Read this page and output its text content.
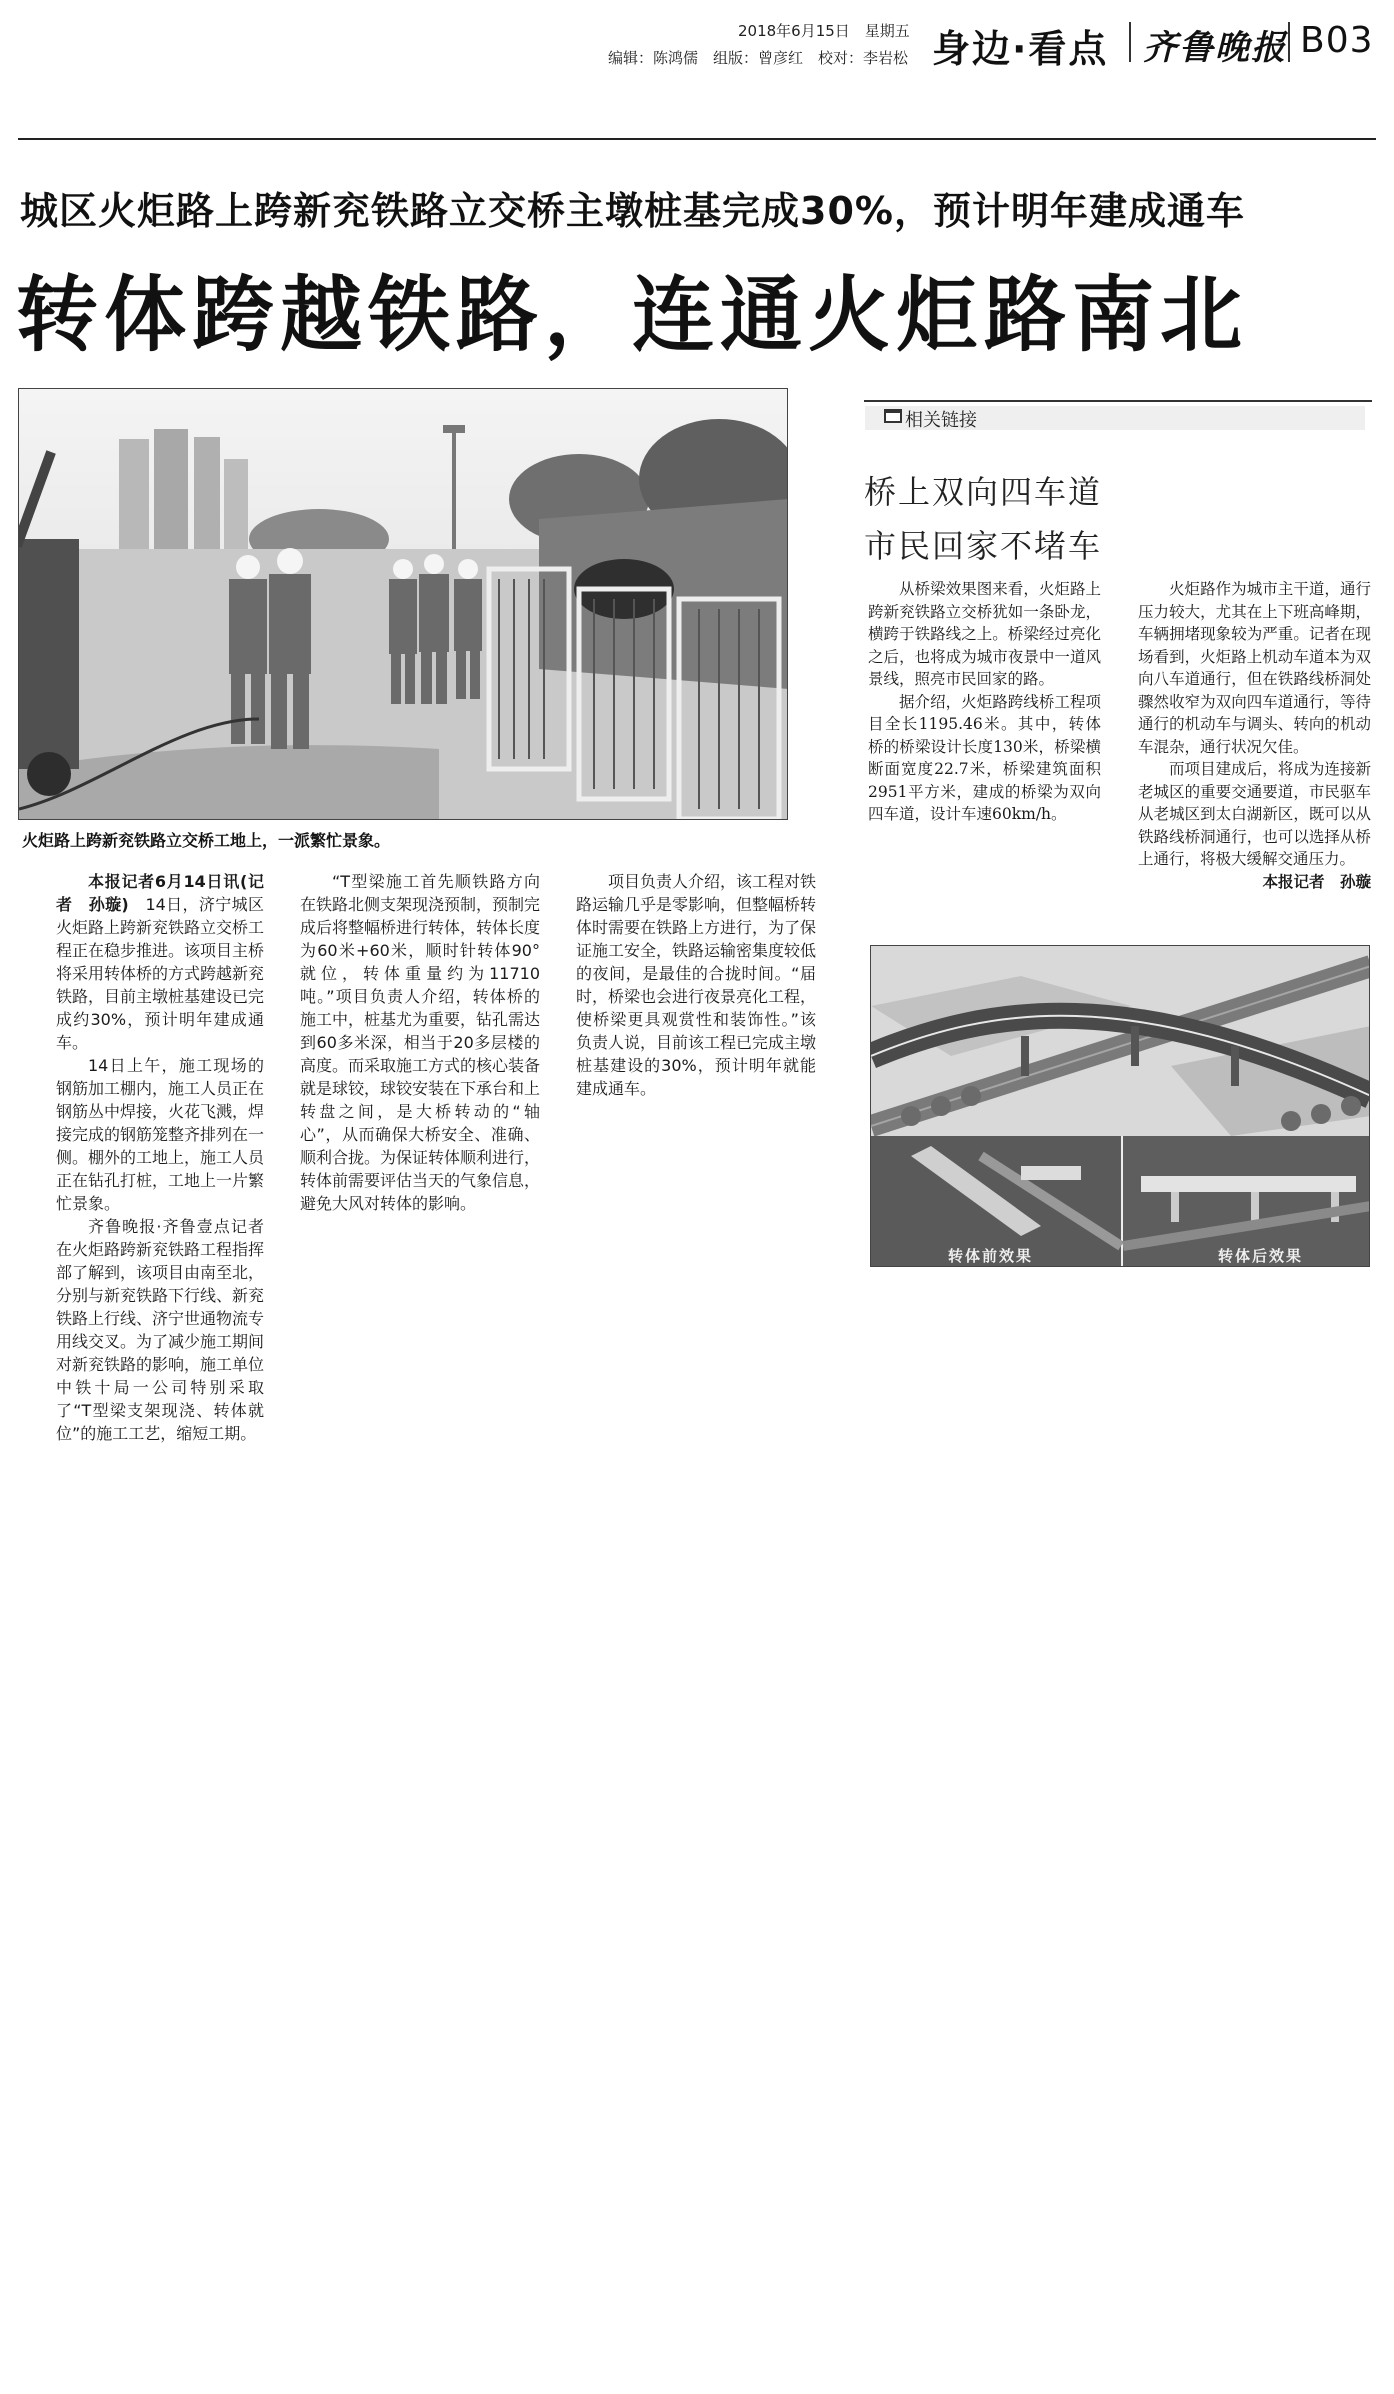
2018年6月15日　星期五
编辑：陈鸿儒　组版：曾彦红　校对：李岩松 身边·看点 齐鲁晚报 B03
城区火炬路上跨新兖铁路立交桥主墩桩基完成30%，预计明年建成通车
转体跨越铁路，连通火炬路南北
火炬路上跨新兖铁路立交桥工地上，一派繁忙景象。

本报记者6月14日讯(记者　孙璇)　 14日，济宁城区火炬路上跨新兖铁路立交桥工程正在稳步推进。该项目主桥将采用转体桥的方式跨越新兖铁路，目前主墩桩基建设已完成约30%，预计明年建成通车。

14日上午，施工现场的钢筋加工棚内，施工人员正在钢筋丛中焊接，火花飞溅，焊接完成的钢筋笼整齐排列在一侧。棚外的工地上，施工人员正在钻孔打桩，工地上一片繁忙景象。

齐鲁晚报·齐鲁壹点记者在火炬路跨新兖铁路工程指挥部了解到，该项目由南至北，分别与新兖铁路下行线、新兖铁路上行线、济宁世通物流专用线交叉。为了减少施工期间对新兖铁路的影响，施工单位中铁十局一公司特别采取了“T型梁支架现浇、转体就位”的施工工艺，缩短工期。

“T型梁施工首先顺铁路方向在铁路北侧支架现浇预制，预制完成后将整幅桥进行转体，转体长度为60米+60米，顺时针转体90°就位，转体重量约为11710吨。”项目负责人介绍，转体桥的施工中，桩基尤为重要，钻孔需达到60多米深，相当于20多层楼的高度。而采取施工方式的核心装备就是球铰，球铰安装在下承台和上转盘之间，是大桥转动的“轴心”，从而确保大桥安全、准确、顺利合拢。为保证转体顺利进行，转体前需要评估当天的气象信息，避免大风对转体的影响。

项目负责人介绍，该工程对铁路运输几乎是零影响，但整幅桥转体时需要在铁路上方进行，为了保证施工安全，铁路运输密集度较低的夜间，是最佳的合拢时间。“届时，桥梁也会进行夜景亮化工程，使桥梁更具观赏性和装饰性。”该负责人说，目前该工程已完成主墩桩基建设的30%，预计明年就能建成通车。

相关链接
桥上双向四车道
市民回家不堵车

从桥梁效果图来看，火炬路上跨新兖铁路立交桥犹如一条卧龙，横跨于铁路线之上。桥梁经过亮化之后，也将成为城市夜景中一道风景线，照亮市民回家的路。

据介绍，火炬路跨线桥工程项目全长1195.46米。其中，转体桥的桥梁设计长度130米，桥梁横断面宽度22.7米，桥梁建筑面积2951平方米，建成的桥梁为双向四车道，设计车速60km/h。

火炬路作为城市主干道，通行压力较大，尤其在上下班高峰期，车辆拥堵现象较为严重。记者在现场看到，火炬路上机动车道本为双向八车道通行，但在铁路线桥洞处骤然收窄为双向四车道通行，等待通行的机动车与调头、转向的机动车混杂，通行状况欠佳。

而项目建成后，将成为连接新老城区的重要交通要道，市民驱车从老城区到太白湖新区，既可以从铁路线桥洞通行，也可以选择从桥上通行，将极大缓解交通压力。

本报记者　孙璇
转体前效果	转体后效果
